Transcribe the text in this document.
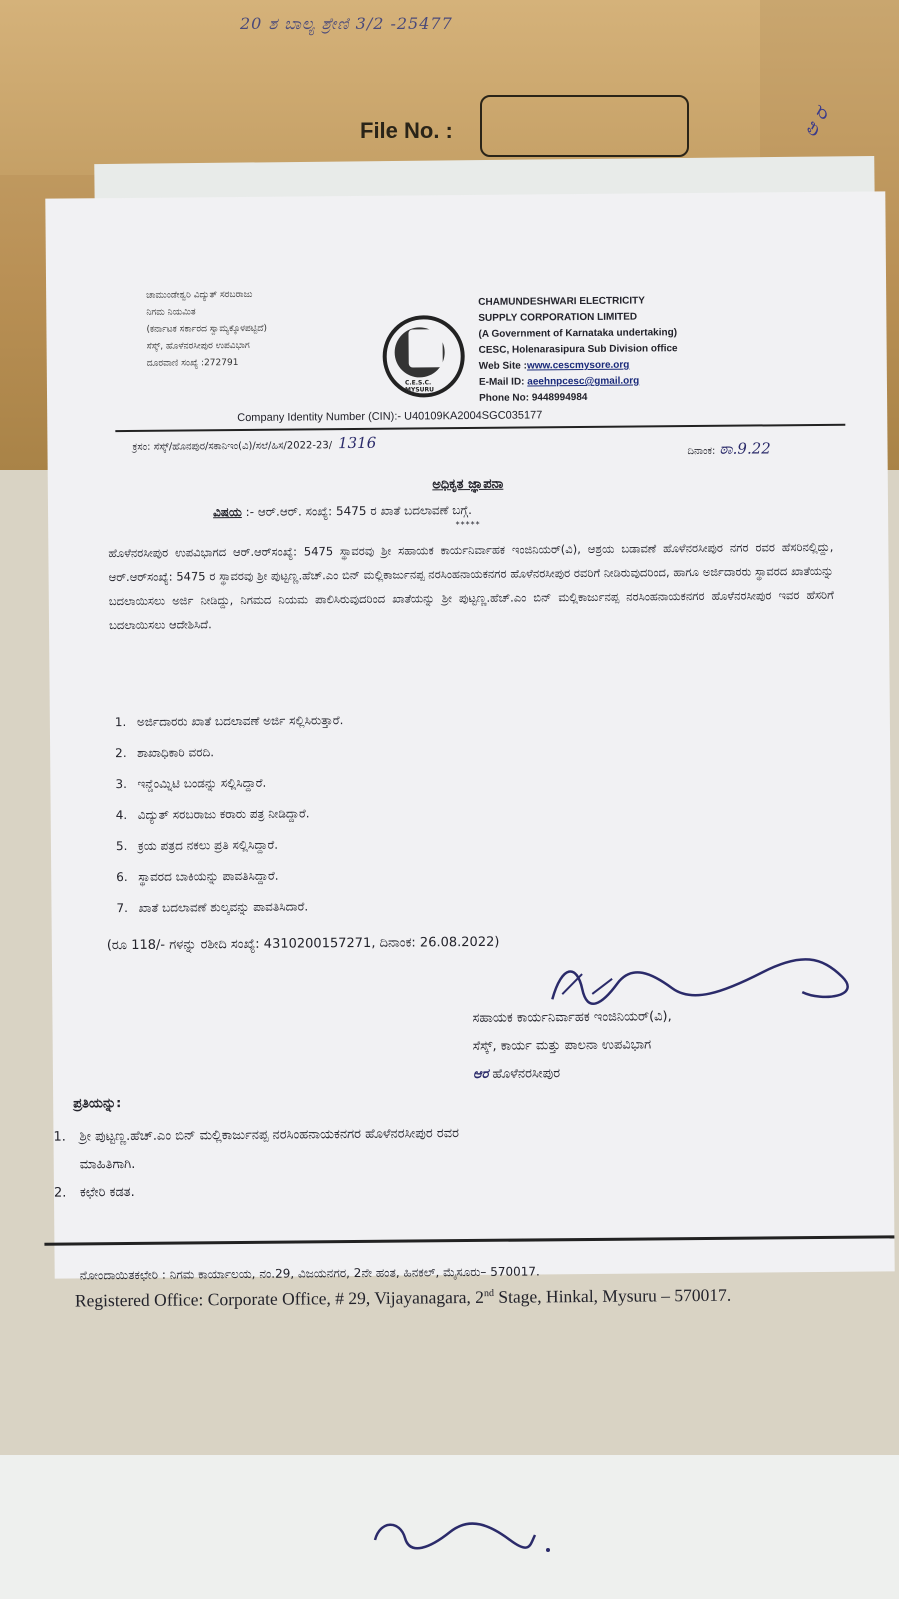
20 ಶ ಬಾಲ್ಯ ಶ್ರೇಣಿ 3/2 -25477
File No. :	ಆ ರ
ಚಾಮುಂಡೇಶ್ವರಿ ವಿದ್ಯುತ್ ಸರಬರಾಜು
ನಿಗಮ ನಿಯಮಿತ
(ಕರ್ನಾಟಕ ಸರ್ಕಾರದ ಸ್ವಾಮ್ಯಕ್ಕೊಳಪಟ್ಟಿದೆ)
ಸೆಸ್ಕ್, ಹೊಳೆನರಸೀಪುರ ಉಪವಿಭಾಗ
ದೂರವಾಣಿ ಸಂಖ್ಯೆ :272791
C.E.S.C. MYSURU
CHAMUNDESHWARI ELECTRICITY
SUPPLY CORPORATION LIMITED
(A Government of Karnataka undertaking)
CESC, Holenarasipura Sub Division office
Web Site :www.cescmysore.org
E-Mail ID: aeehnpcesc@gmail.org
Phone No: 9448994984
Company Identity Number (CIN):- U40109KA2004SGC035177
ಕ್ರಸಂ: ಸೆಸ್ಕ್/ಹೊನಪುರ/ಸಕಾನಿಇಂ(ವಿ)/ಸಲೆ/ಹಿಸ/2022-23/ 1316	ದಿನಾಂಕ: ಠಾ.9.22
ಅಧಿಕೃತ ಜ್ಞಾಪನಾ
ವಿಷಯ :- ಆರ್.ಆರ್. ಸಂಖ್ಯೆ: 5475 ರ ಖಾತೆ ಬದಲಾವಣೆ ಬಗ್ಗೆ.
*****
ಹೊಳೆನರಸೀಪುರ ಉಪವಿಭಾಗದ ಆರ್.ಆರ್‌ಸಂಖ್ಯೆ: 5475 ಸ್ಥಾವರವು ಶ್ರೀ ಸಹಾಯಕ ಕಾರ್ಯನಿರ್ವಾಹಕ ಇಂಜಿನಿಯರ್(ವಿ), ಆಶ್ರಯ ಬಡಾವಣೆ ಹೊಳೆನರಸೀಪುರ ನಗರ ರವರ ಹೆಸರಿನಲ್ಲಿದ್ದು, ಆರ್.ಆರ್‌ಸಂಖ್ಯೆ: 5475 ರ ಸ್ಥಾವರವು ಶ್ರೀ ಪುಟ್ಟಣ್ಣ.ಹೆಚ್.ಎಂ ಬಿನ್ ಮಲ್ಲಿಕಾರ್ಜುನಪ್ಪ ನರಸಿಂಹನಾಯಕನಗರ ಹೊಳೆನರಸೀಪುರ ರವರಿಗೆ ನೀಡಿರುವುದರಿಂದ, ಹಾಗೂ ಅರ್ಜಿದಾರರು ಸ್ಥಾವರದ ಖಾತೆಯನ್ನು ಬದಲಾಯಿಸಲು ಅರ್ಜಿ ನೀಡಿದ್ದು, ನಿಗಮದ ನಿಯಮ ಪಾಲಿಸಿರುವುದರಿಂದ ಖಾತೆಯನ್ನು ಶ್ರೀ ಪುಟ್ಟಣ್ಣ.ಹೆಚ್.ಎಂ ಬಿನ್ ಮಲ್ಲಿಕಾರ್ಜುನಪ್ಪ ನರಸಿಂಹನಾಯಕನಗರ ಹೊಳೆನರಸೀಪುರ ಇವರ ಹೆಸರಿಗೆ ಬದಲಾಯಿಸಲು ಆದೇಶಿಸಿದೆ.
1. ಅರ್ಜಿದಾರರು ಖಾತೆ ಬದಲಾವಣೆ ಅರ್ಜಿ ಸಲ್ಲಿಸಿರುತ್ತಾರೆ.
2. ಶಾಖಾಧಿಕಾರಿ ವರದಿ.
3. ಇನ್ಡೆಂಮ್ನಿಟಿ ಬಂಡನ್ನು ಸಲ್ಲಿಸಿದ್ದಾರೆ.
4. ವಿದ್ಯುತ್ ಸರಬರಾಜು ಕರಾರು ಪತ್ರ ನೀಡಿದ್ದಾರೆ.
5. ಕ್ರಯ ಪತ್ರದ ನಕಲು ಪ್ರತಿ ಸಲ್ಲಿಸಿದ್ದಾರೆ.
6. ಸ್ಥಾವರದ ಬಾಕಿಯನ್ನು ಪಾವತಿಸಿದ್ದಾರೆ.
7. ಖಾತೆ ಬದಲಾವಣೆ ಶುಲ್ಕವನ್ನು ಪಾವತಿಸಿದಾರೆ.
(ರೂ 118/- ಗಳನ್ನು ರಶೀದಿ ಸಂಖ್ಯೆ: 4310200157271, ದಿನಾಂಕ: 26.08.2022)
ಸಹಾಯಕ ಕಾರ್ಯನಿರ್ವಾಹಕ ಇಂಜಿನಿಯರ್(ವಿ),
ಸೆಸ್ಕ್, ಕಾರ್ಯ ಮತ್ತು ಪಾಲನಾ ಉಪವಿಭಾಗ
ಆರ ಹೊಳೆನರಸೀಪುರ
ಪ್ರತಿಯನ್ನು:
1. ಶ್ರೀ ಪುಟ್ಟಣ್ಣ.ಹೆಚ್.ಎಂ ಬಿನ್ ಮಲ್ಲಿಕಾರ್ಜುನಪ್ಪ ನರಸಿಂಹನಾಯಕನಗರ ಹೊಳೆನರಸೀಪುರ ರವರ
ಮಾಹಿತಿಗಾಗಿ.
2. ಕಛೇರಿ ಕಡತ.
ನೋಂದಾಯಿತಕಛೇರಿ : ನಿಗಮ ಕಾರ್ಯಾಲಯ, ನಂ.29, ವಿಜಯನಗರ, 2ನೇ ಹಂತ, ಹಿನಕಲ್, ಮೈಸೂರು– 570017.
Registered Office: Corporate Office, # 29, Vijayanagara, 2nd Stage, Hinkal, Mysuru – 570017.
